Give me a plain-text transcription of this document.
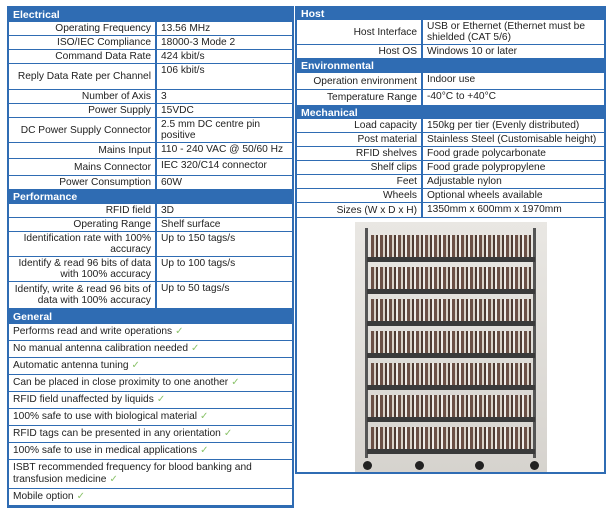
Electrical
Operating Frequency 13.56 MHz
ISO/IEC Compliance 18000-3 Mode 2
Command Data Rate 424 kbit/s
Reply Data Rate per Channel
106 kbit/s
Number of Axis 3
Power Supply 15VDC
DC Power Supply Connector 2.5 mm DC centre pin positive
Mains Input 110 - 240 VAC @ 50/60 Hz
Mains Connector IEC 320/C14 connector
Power Consumption 60W
Performance
RFID field 3D
Operating Range Shelf surface
Identification rate with 100% accuracy
Up to 150 tags/s
Identify & read 96 bits of data with 100% accuracy
Up to 100 tags/s
Identify, write & read 96 bits of data with 100% accuracy
Up to 50 tags/s
General
Performs read and write operations ✓
No manual antenna calibration needed ✓
Automatic antenna tuning ✓
Can be placed in close proximity to one another ✓
RFID field unaffected by liquids ✓
100% safe to use with biological material ✓
RFID tags can be presented in any orientation ✓
100% safe to use in medical applications ✓
ISBT recommended frequency for blood banking and transfusion medicine ✓
Mobile option ✓
Host
Host Interface USB or Ethernet (Ethernet must be shielded (CAT 5/6)
Host OS Windows 10 or later
Environmental
Operation environment Indoor use
Temperature Range -40°C to +40°C
Mechanical
Load capacity 150kg per tier (Evenly distributed)
Post material Stainless Steel (Customisable height)
RFID shelves Food grade polycarbonate
Shelf clips Food grade polypropylene
Feet Adjustable nylon
Wheels Optional wheels available
Sizes (W x D x H) 1350mm x 600mm x 1970mm
